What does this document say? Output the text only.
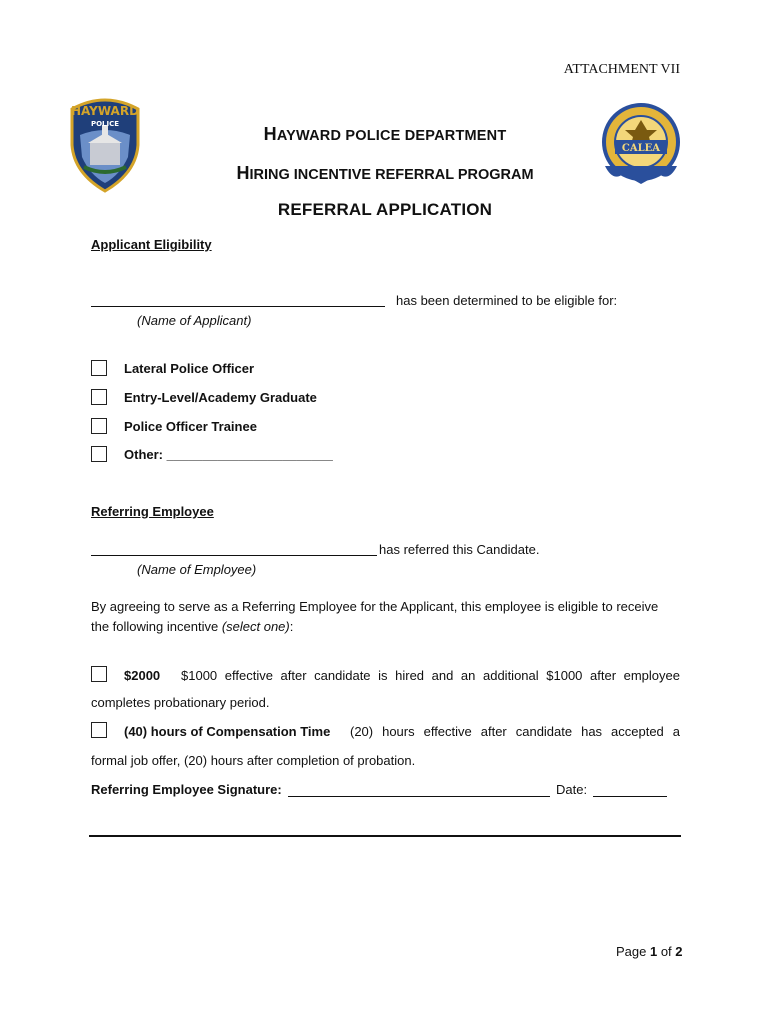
ATTACHMENT VII
HAYWARD
POLICE
CALEA
HAYWARD POLICE DEPARTMENT
HIRING INCENTIVE REFERRAL PROGRAM
REFERRAL APPLICATION
Applicant Eligibility
has been determined to be eligible for:
(Name of Applicant)
Lateral Police Officer
Entry-Level/Academy Graduate
Police Officer Trainee
Other: _______________________
Referring Employee
has referred this Candidate.
(Name of Employee)
By agreeing to serve as a Referring Employee for the Applicant, this employee is eligible to receive
the following incentive (select one):
$2000 $1000 effective after candidate is hired and an additional $1000 after employee
completes probationary period.
(40) hours of Compensation Time (20) hours effective after candidate has accepted a
formal job offer, (20) hours after completion of probation.
Referring Employee Signature:	Date:
Page 1 of 2
